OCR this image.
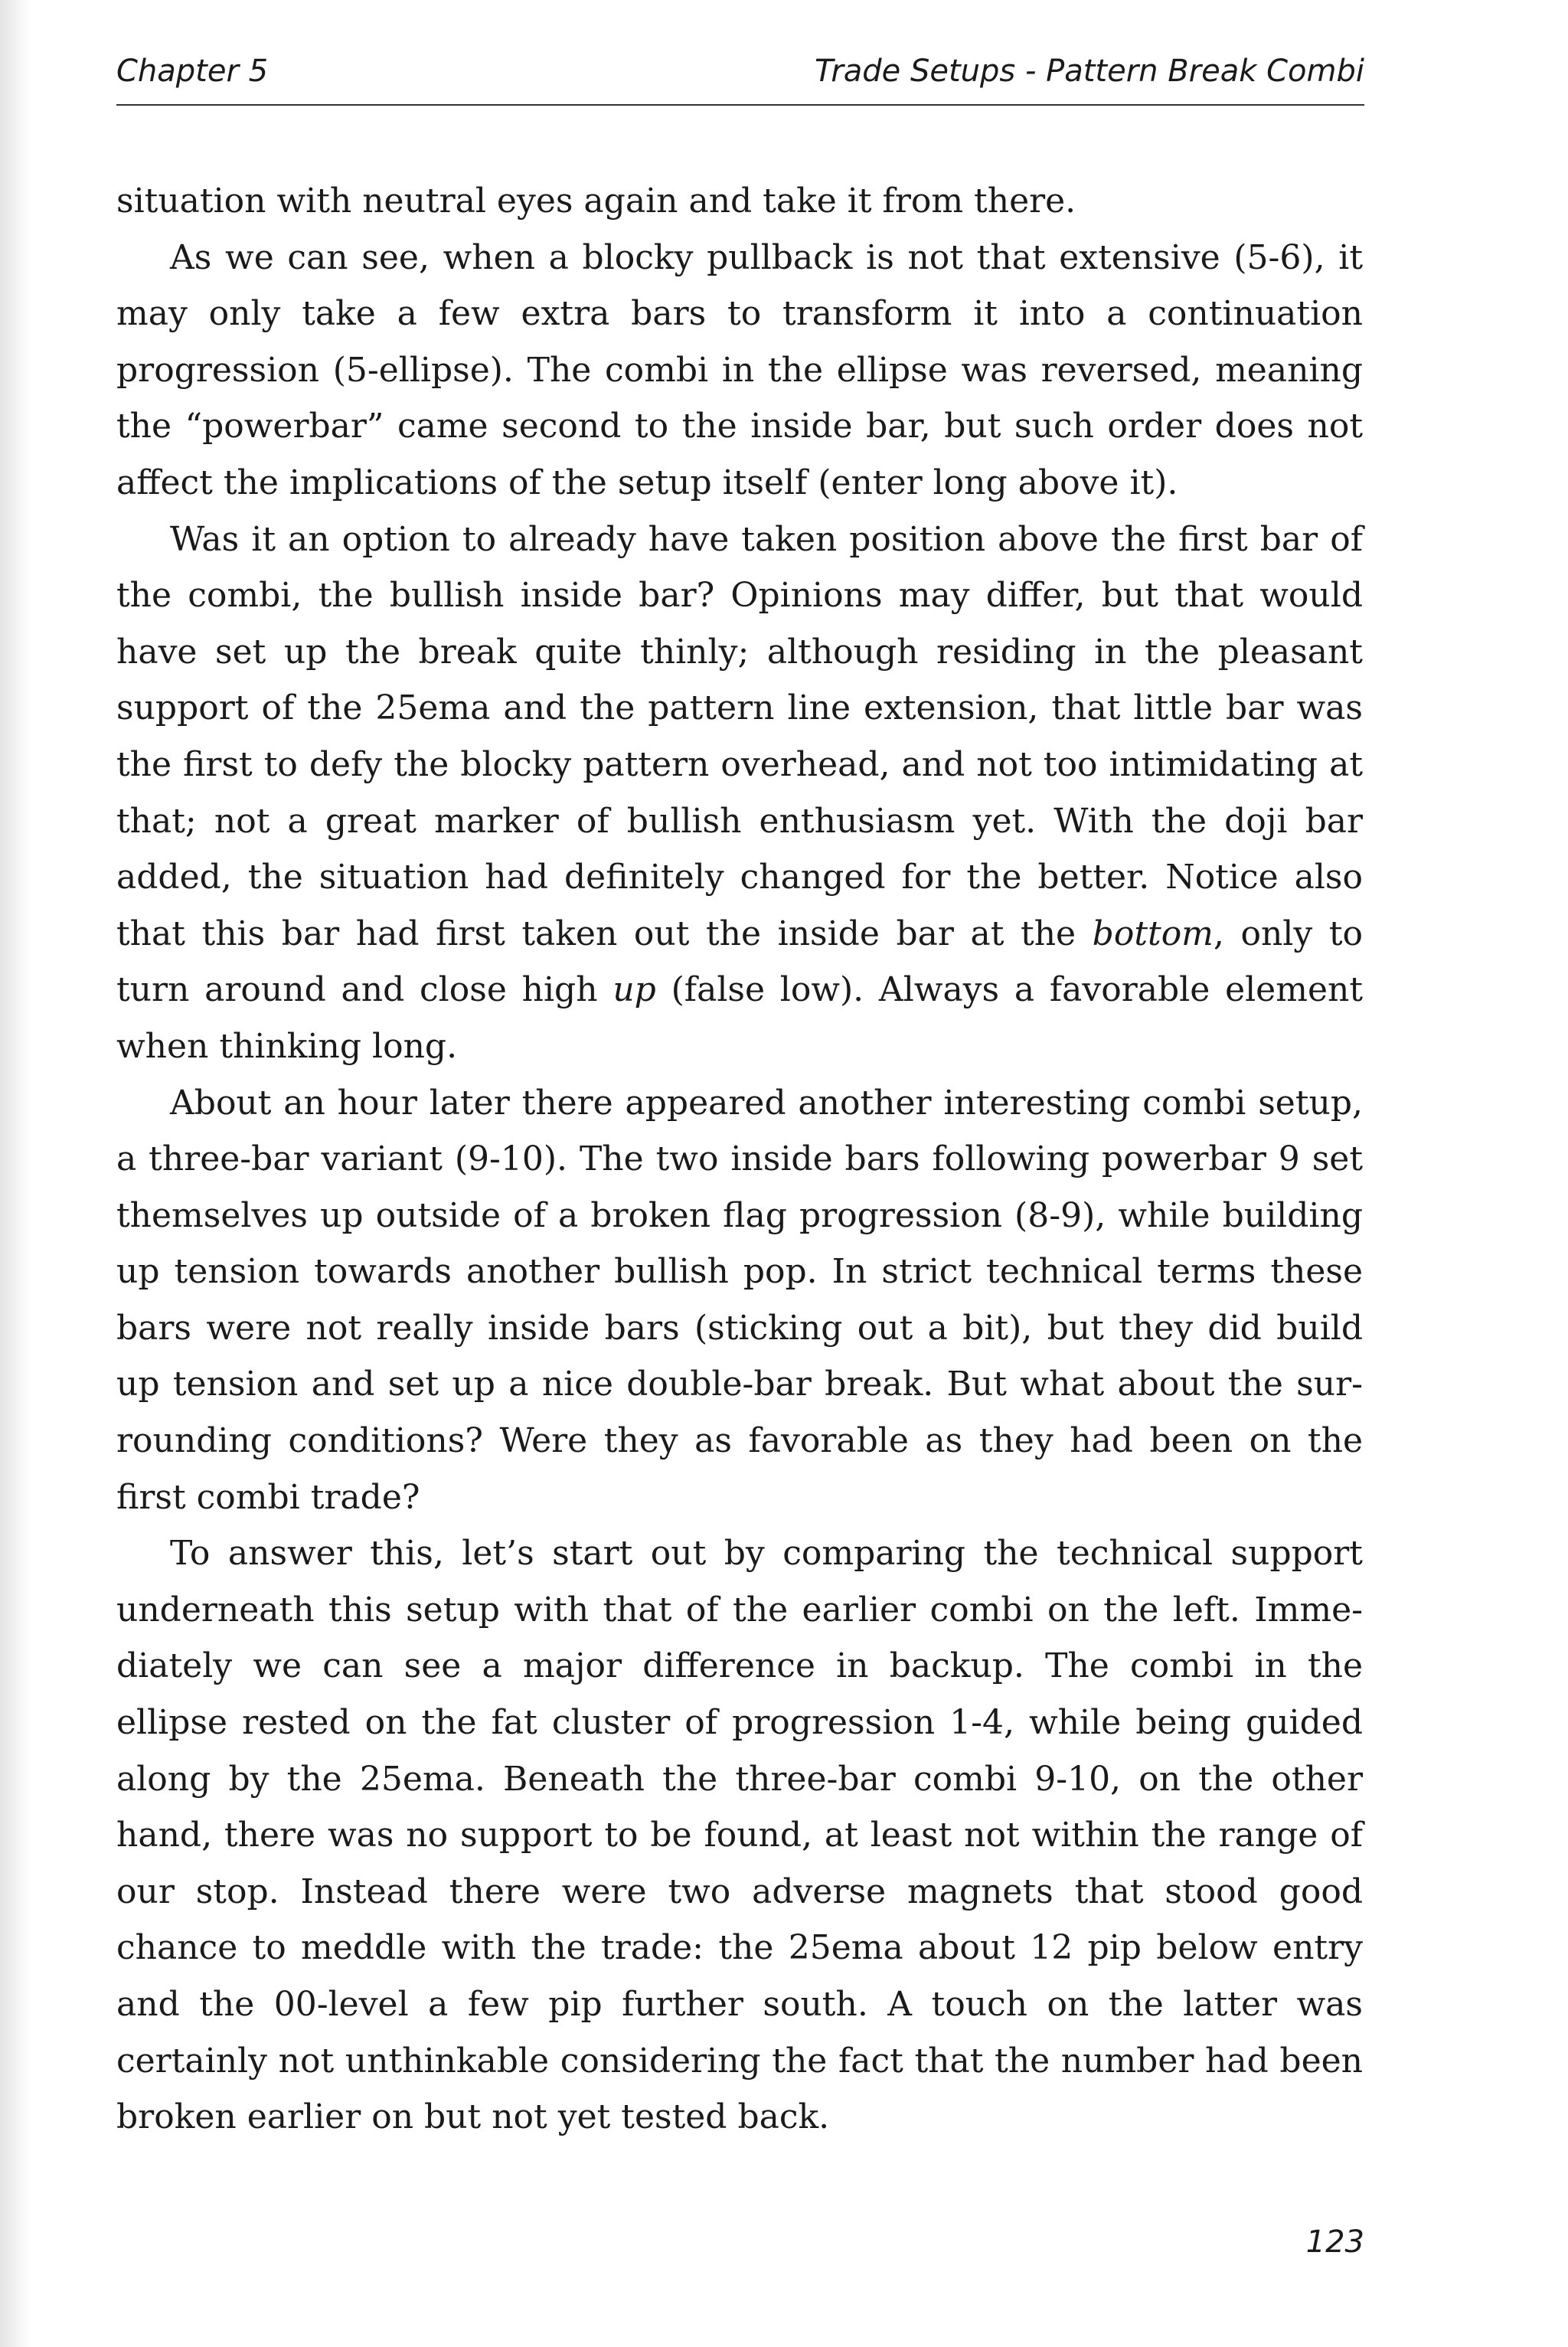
Chapter 5	Trade Setups - Pattern Break Combi

situation with neutral eyes again and take it from there.

As we can see, when a blocky pullback is not that extensive (5-6), it may only take a few extra bars to transform it into a continuation progression (5-ellipse). The combi in the ellipse was reversed, meaning the “powerbar” came second to the inside bar, but such order does not affect the implications of the setup itself (enter long above it).

Was it an option to already have taken position above the first bar of the combi, the bullish inside bar? Opinions may differ, but that would have set up the break quite thinly; although residing in the pleasant support of the 25ema and the pattern line extension, that little bar was the first to defy the blocky pattern overhead, and not too intimidating at that; not a great marker of bullish enthusiasm yet. With the doji bar added, the situation had definitely changed for the better. Notice also that this bar had first taken out the inside bar at the bottom, only to turn around and close high up (false low). Always a favorable element when thinking long.

About an hour later there appeared another interesting combi setup, a three-bar variant (9-10). The two inside bars following powerbar 9 set themselves up outside of a broken flag progression (8-9), while building up tension towards another bullish pop. In strict technical terms these bars were not really inside bars (sticking out a bit), but they did build up tension and set up a nice double-bar break. But what about the surrounding conditions? Were they as favorable as they had been on the first combi trade?

To answer this, let’s start out by comparing the technical support underneath this setup with that of the earlier combi on the left. Immediately we can see a major difference in backup. The combi in the ellipse rested on the fat cluster of progression 1-4, while being guided along by the 25ema. Beneath the three-bar combi 9-10, on the other hand, there was no support to be found, at least not within the range of our stop. Instead there were two adverse magnets that stood good chance to meddle with the trade: the 25ema about 12 pip below entry and the 00-level a few pip further south. A touch on the latter was certainly not unthinkable considering the fact that the number had been broken earlier on but not yet tested back.

123
